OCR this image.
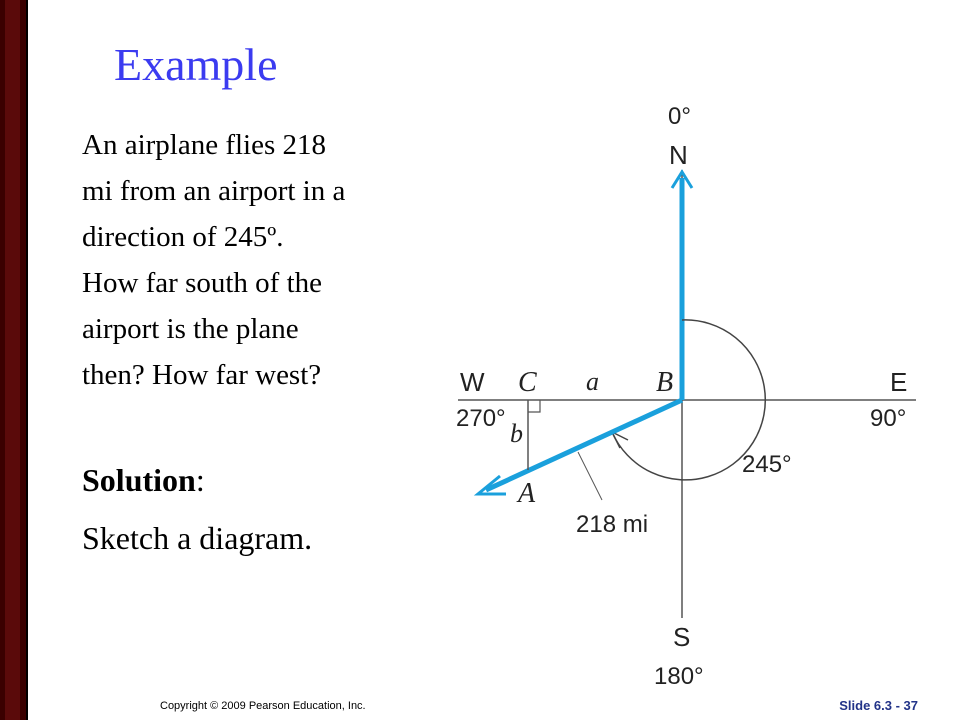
Example

An airplane flies 218

mi from an airport in a

direction of 245º.

How far south of the

airport is the plane

then? How far west?

Solution:
Sketch a diagram.
0°
N
S
180°
E
90°
W
270°
B
C
A
a
b
245°
218 mi
Copyright © 2009 Pearson Education, Inc.	Slide 6.3 - 37
